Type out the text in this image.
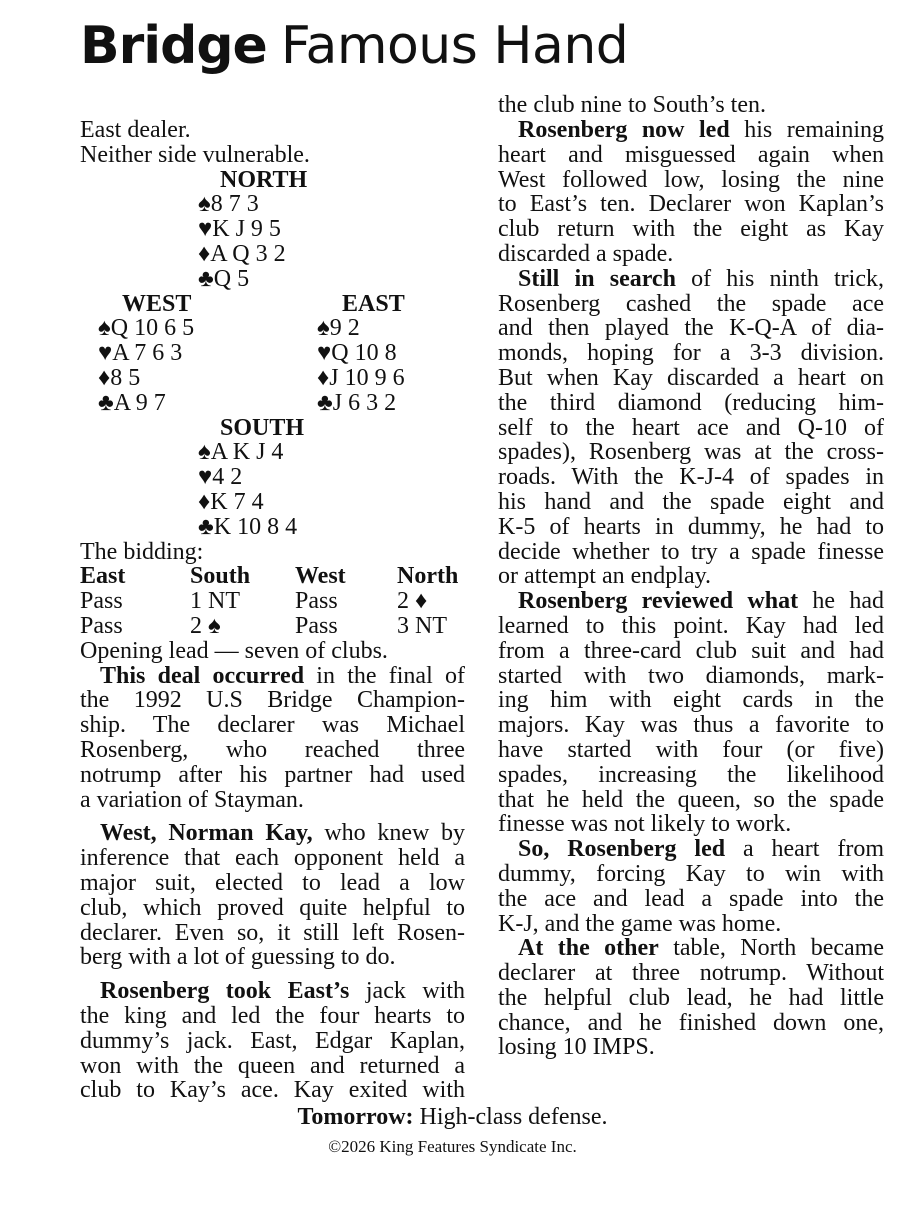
Bridge Famous Hand
East dealer.
Neither side vulnerable.
NORTH
♠8 7 3
♥K J 9 5
♦A Q 3 2
♣Q 5
WEST	EAST
♠Q 10 6 5
♥A 7 6 3
♦8 5
♣A 9 7
♠9 2
♥Q 10 8
♦J 10 9 6
♣J 6 3 2
SOUTH
♠A K J 4
♥4 2
♦K 7 4
♣K 10 8 4
The bidding:
East	South	West	North
Pass	1 NT	Pass	2 ♦
Pass	2 ♠	Pass	3 NT
Opening lead — seven of clubs.
This deal occurred in the final of
the 1992 U.S Bridge Champion-
ship. The declarer was Michael
Rosenberg, who reached three
notrump after his partner had used
a variation of Stayman.
West, Norman Kay, who knew by
inference that each opponent held a
major suit, elected to lead a low
club, which proved quite helpful to
declarer. Even so, it still left Rosen-
berg with a lot of guessing to do.
Rosenberg took East’s jack with
the king and led the four hearts to
dummy’s jack. East, Edgar Kaplan,
won with the queen and returned a
club to Kay’s ace. Kay exited with
the club nine to South’s ten.
Rosenberg now led his remaining
heart and misguessed again when
West followed low, losing the nine
to East’s ten. Declarer won Kaplan’s
club return with the eight as Kay
discarded a spade.
Still in search of his ninth trick,
Rosenberg cashed the spade ace
and then played the K-Q-A of dia-
monds, hoping for a 3-3 division.
But when Kay discarded a heart on
the third diamond (reducing him-
self to the heart ace and Q-10 of
spades), Rosenberg was at the cross-
roads. With the K-J-4 of spades in
his hand and the spade eight and
K-5 of hearts in dummy, he had to
decide whether to try a spade finesse
or attempt an endplay.
Rosenberg reviewed what he had
learned to this point. Kay had led
from a three-card club suit and had
started with two diamonds, mark-
ing him with eight cards in the
majors. Kay was thus a favorite to
have started with four (or five)
spades, increasing the likelihood
that he held the queen, so the spade
finesse was not likely to work.
So, Rosenberg led a heart from
dummy, forcing Kay to win with
the ace and lead a spade into the
K-J, and the game was home.
At the other table, North became
declarer at three notrump. Without
the helpful club lead, he had little
chance, and he finished down one,
losing 10 IMPS.
Tomorrow: High-class defense.
©2026 King Features Syndicate Inc.
